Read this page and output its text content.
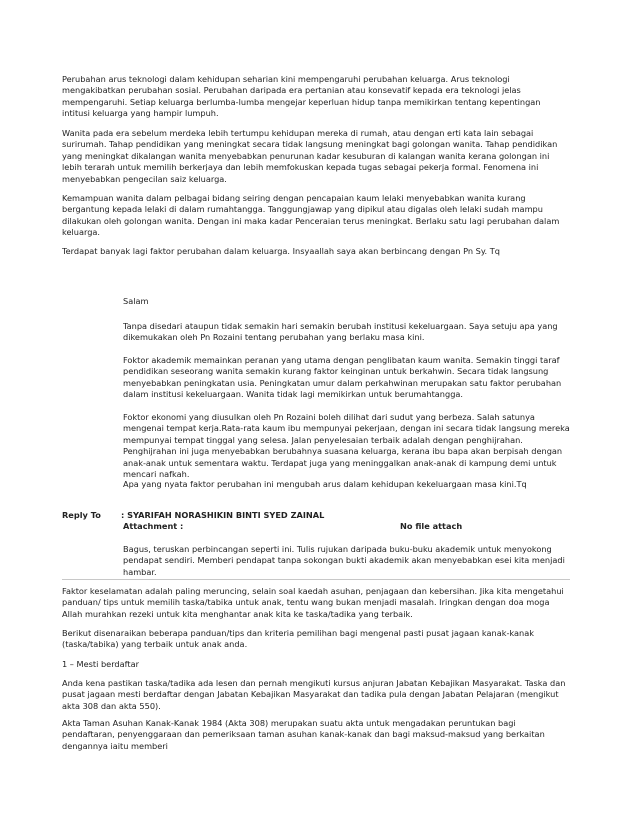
Perubahan arus teknologi dalam kehidupan seharian kini mempengaruhi perubahan keluarga. Arus teknologi mengakibatkan perubahan sosial. Perubahan daripada era pertanian atau konsevatif kepada era teknologi jelas mempengaruhi. Setiap keluarga berlumba-lumba mengejar keperluan hidup tanpa memikirkan tentang kepentingan intitusi keluarga yang hampir lumpuh.

Wanita pada era sebelum merdeka lebih tertumpu kehidupan mereka di rumah, atau dengan erti kata lain sebagai surirumah. Tahap pendidikan yang meningkat secara tidak langsung meningkat bagi golongan wanita. Tahap pendidikan yang meningkat dikalangan wanita menyebabkan penurunan kadar kesuburan di kalangan wanita kerana golongan ini lebih terarah untuk memilih berkerjaya dan lebih memfokuskan kepada tugas sebagai pekerja formal. Fenomena ini menyebabkan pengecilan saiz keluarga.

Kemampuan wanita dalam pelbagai bidang seiring dengan pencapaian kaum lelaki menyebabkan wanita kurang bergantung kepada lelaki di dalam rumahtangga. Tanggungjawap yang dipikul atau digalas oleh lelaki sudah mampu dilakukan oleh golongan wanita. Dengan ini maka kadar Penceraian terus meningkat. Berlaku satu lagi perubahan dalam keluarga.

Terdapat banyak lagi faktor perubahan dalam keluarga. Insyaallah saya akan berbincang dengan Pn Sy. Tq

Salam

Tanpa disedari ataupun tidak semakin hari semakin berubah institusi kekeluargaan. Saya setuju apa yang dikemukakan oleh Pn Rozaini tentang perubahan yang berlaku masa kini.

Foktor akademik memainkan peranan yang utama dengan penglibatan kaum wanita. Semakin tinggi taraf pendidikan seseorang wanita semakin kurang faktor keinginan untuk berkahwin. Secara tidak langsung menyebabkan peningkatan usia. Peningkatan umur dalam perkahwinan merupakan satu faktor perubahan dalam institusi kekeluargaan. Wanita tidak lagi memikirkan untuk berumahtangga.

Foktor ekonomi yang diusulkan oleh Pn Rozaini boleh dilihat dari sudut yang berbeza. Salah satunya mengenai tempat kerja.Rata-rata kaum ibu mempunyai pekerjaan, dengan ini secara tidak langsung mereka mempunyai tempat tinggal yang selesa. Jalan penyelesaian terbaik adalah dengan penghijrahan. Penghijrahan ini juga menyebabkan berubahnya suasana keluarga, kerana ibu bapa akan berpisah dengan anak-anak untuk sementara waktu. Terdapat juga yang meninggalkan anak-anak di kampung demi untuk mencari nafkah.

Apa yang nyata faktor perubahan ini mengubah arus dalam kehidupan kekeluargaan masa kini.Tq

Reply To : SYARIFAH NORASHIKIN BINTI SYED ZAINAL
Attachment :	No file attach

Bagus, teruskan perbincangan seperti ini. Tulis rujukan daripada buku-buku akademik untuk menyokong pendapat sendiri. Memberi pendapat tanpa sokongan bukti akademik akan menyebabkan esei kita menjadi hambar.

Faktor keselamatan adalah paling meruncing, selain soal kaedah asuhan, penjagaan dan kebersihan. Jika kita mengetahui panduan/ tips untuk memilih taska/tabika untuk anak, tentu wang bukan menjadi masalah. Iringkan dengan doa moga Allah murahkan rezeki untuk kita menghantar anak kita ke taska/tadika yang terbaik.

Berikut disenaraikan beberapa panduan/tips dan kriteria pemilihan bagi mengenal pasti pusat jagaan kanak-kanak (taska/tabika) yang terbaik untuk anak anda.

1 – Mesti berdaftar

Anda kena pastikan taska/tadika ada lesen dan pernah mengikuti kursus anjuran Jabatan Kebajikan Masyarakat. Taska dan pusat jagaan mesti berdaftar dengan Jabatan Kebajikan Masyarakat dan tadika pula dengan Jabatan Pelajaran (mengikut akta 308 dan akta 550).

Akta Taman Asuhan Kanak-Kanak 1984 (Akta 308) merupakan suatu akta untuk mengadakan peruntukan bagi pendaftaran, penyenggaraan dan pemeriksaan taman asuhan kanak-kanak dan bagi maksud-maksud yang berkaitan dengannya iaitu memberi
